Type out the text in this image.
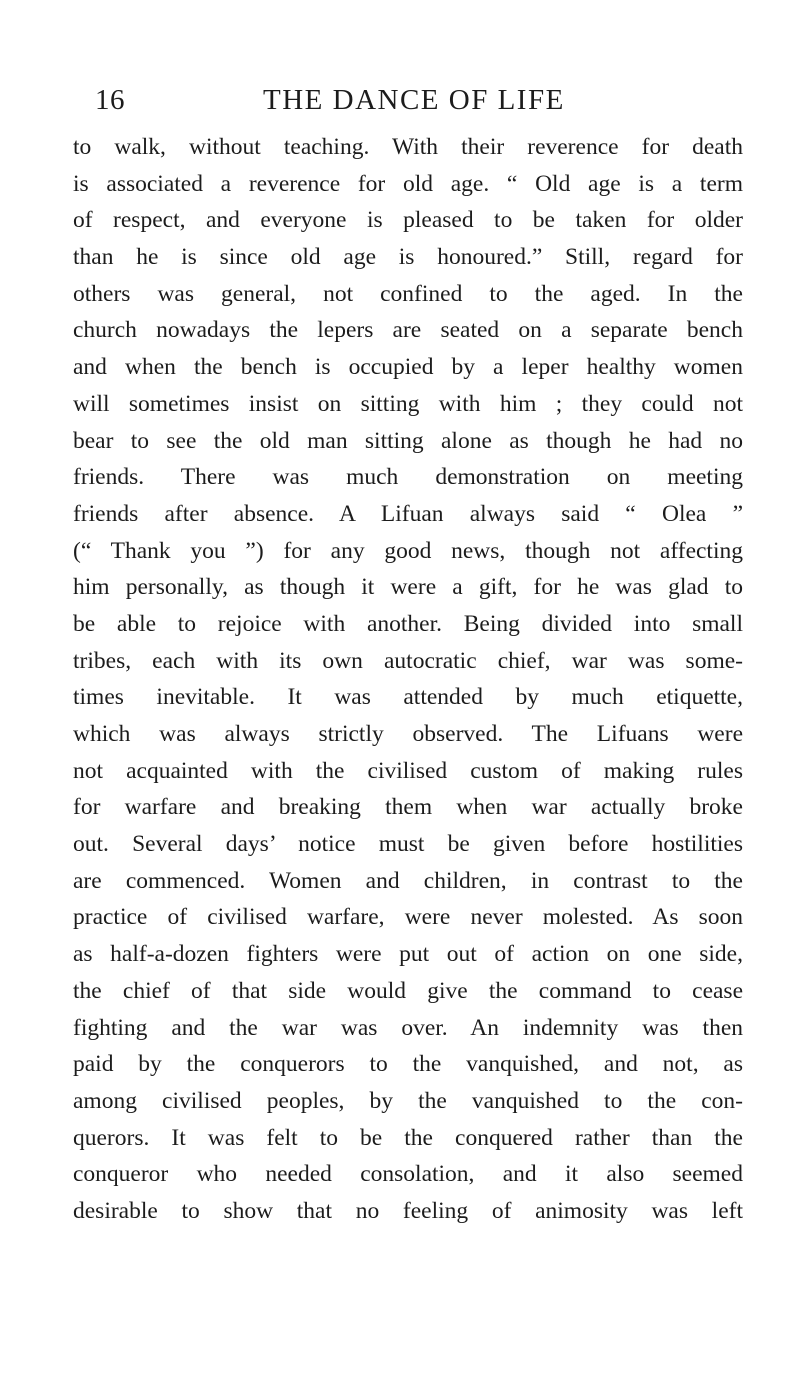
16	THE DANCE OF LIFE
to walk, without teaching. With their reverence for death
is associated a reverence for old age. “ Old age is a term
of respect, and everyone is pleased to be taken for older
than he is since old age is honoured.” Still, regard for
others was general, not confined to the aged. In the
church nowadays the lepers are seated on a separate bench
and when the bench is occupied by a leper healthy women
will sometimes insist on sitting with him ; they could not
bear to see the old man sitting alone as though he had no
friends. There was much demonstration on meeting
friends after absence. A Lifuan always said “ Olea ”
(“ Thank you ”) for any good news, though not affecting
him personally, as though it were a gift, for he was glad to
be able to rejoice with another. Being divided into small
tribes, each with its own autocratic chief, war was some-
times inevitable. It was attended by much etiquette,
which was always strictly observed. The Lifuans were
not acquainted with the civilised custom of making rules
for warfare and breaking them when war actually broke
out. Several days’ notice must be given before hostilities
are commenced. Women and children, in contrast to the
practice of civilised warfare, were never molested. As soon
as half-a-dozen fighters were put out of action on one side,
the chief of that side would give the command to cease
fighting and the war was over. An indemnity was then
paid by the conquerors to the vanquished, and not, as
among civilised peoples, by the vanquished to the con-
querors. It was felt to be the conquered rather than the
conqueror who needed consolation, and it also seemed
desirable to show that no feeling of animosity was left
